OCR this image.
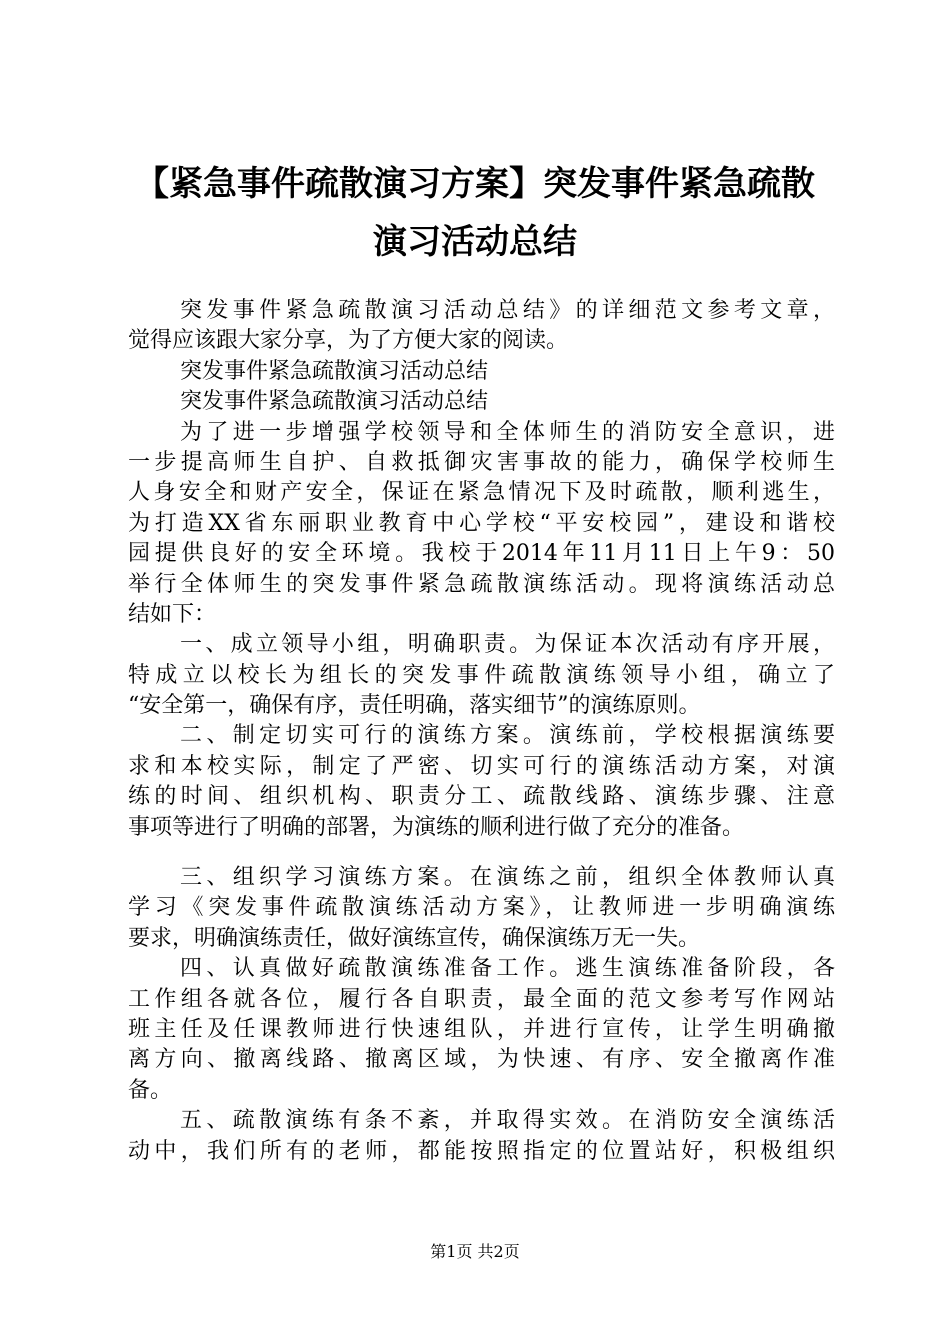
【紧急事件疏散演习方案】突发事件紧急疏散
演习活动总结
突发事件紧急疏散演习活动总结》的详细范文参考文章，
觉得应该跟大家分享，为了方便大家的阅读。
突发事件紧急疏散演习活动总结
突发事件紧急疏散演习活动总结
为了进一步增强学校领导和全体师生的消防安全意识，进
一步提高师生自护、自救抵御灾害事故的能力，确保学校师生
人身安全和财产安全，保证在紧急情况下及时疏散，顺利逃生，
为打造XX省东丽职业教育中心学校“平安校园”，建设和谐校
园提供良好的安全环境。我校于2014年11月11日上午9：50
举行全体师生的突发事件紧急疏散演练活动。现将演练活动总
结如下：
一、成立领导小组，明确职责。为保证本次活动有序开展，
特成立以校长为组长的突发事件疏散演练领导小组，确立了
“安全第一，确保有序，责任明确，落实细节”的演练原则。
二、制定切实可行的演练方案。演练前，学校根据演练要
求和本校实际，制定了严密、切实可行的演练活动方案，对演
练的时间、组织机构、职责分工、疏散线路、演练步骤、注意
事项等进行了明确的部署，为演练的顺利进行做了充分的准备。
三、组织学习演练方案。在演练之前，组织全体教师认真
学习《突发事件疏散演练活动方案》，让教师进一步明确演练
要求，明确演练责任，做好演练宣传，确保演练万无一失。
四、认真做好疏散演练准备工作。逃生演练准备阶段，各
工作组各就各位，履行各自职责，最全面的范文参考写作网站
班主任及任课教师进行快速组队，并进行宣传，让学生明确撤
离方向、撤离线路、撤离区域，为快速、有序、安全撤离作准
备。
五、疏散演练有条不紊，并取得实效。在消防安全演练活
动中，我们所有的老师，都能按照指定的位置站好，积极组织
第1页 共2页
